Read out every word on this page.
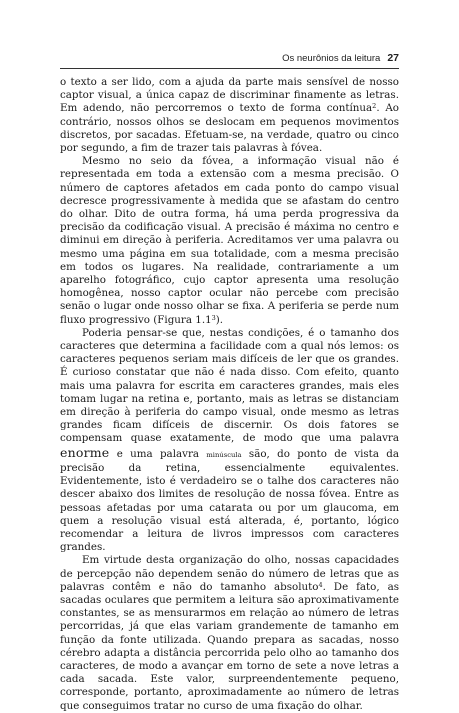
Os neurônios da leitura 27

o texto a ser lido, com a ajuda da parte mais sensível de nosso captor visual, a única capaz de discriminar finamente as letras. Em adendo, não percorremos o texto de forma contínua$^2$. Ao contrário, nossos olhos se deslocam em pequenos movimentos discretos, por sacadas. Efetuam-se, na verdade, quatro ou cinco por segundo, a fim de trazer tais palavras à fóvea.

Mesmo no seio da fóvea, a informação visual não é representada em toda a extensão com a mesma precisão. O número de captores afetados em cada ponto do campo visual decresce progressivamente à medida que se afastam do centro do olhar. Dito de outra forma, há uma perda progressiva da precisão da codificação visual. A precisão é máxima no centro e diminui em direção à periferia. Acreditamos ver uma palavra ou mesmo uma página em sua totalidade, com a mesma precisão em todos os lugares. Na realidade, contrariamente a um aparelho fotográfico, cujo captor apresenta uma resolução homogênea, nosso captor ocular não percebe com precisão senão o lugar onde nosso olhar se fixa. A periferia se perde num fluxo progressivo (Figura $1.1^3$).

Poderia pensar-se que, nestas condições, é o tamanho dos caracteres que determina a facilidade com a qual nós lemos: os caracteres pequenos seriam mais difíceis de ler que os grandes. É curioso constatar que não é nada disso. Com efeito, quanto mais uma palavra for escrita em caracteres grandes, mais eles tomam lugar na retina e, portanto, mais as letras se distanciam em direção à periferia do campo visual, onde mesmo as letras grandes ficam difíceis de discernir. Os dois fatores se compensam quase exatamente, de modo que uma palavra enorme e uma palavra minúscula são, do ponto de vista da precisão da retina, essencialmente equivalentes. Evidentemente, isto é verdadeiro se o talhe dos caracteres não descer abaixo dos limites de resolução de nossa fóvea. Entre as pessoas afetadas por uma catarata ou por um glaucoma, em quem a resolução visual está alterada, é, portanto, lógico recomendar a leitura de livros impressos com caracteres grandes.

Em virtude desta organização do olho, nossas capacidades de percepção não dependem senão do número de letras que as palavras contêm e não do tamanho absoluto$^4$. De fato, as sacadas oculares que permitem a leitura são aproximativamente constantes, se as mensurarmos em relação ao número de letras percorridas, já que elas variam grandemente de tamanho em função da fonte utilizada. Quando prepara as sacadas, nosso cérebro adapta a distância percorrida pelo olho ao tamanho dos caracteres, de modo a avançar em torno de sete a nove letras a cada sacada. Este valor, surpreendentemente pequeno, corresponde, portanto, aproximadamente ao número de letras que conseguimos tratar no curso de uma fixação do olhar.
